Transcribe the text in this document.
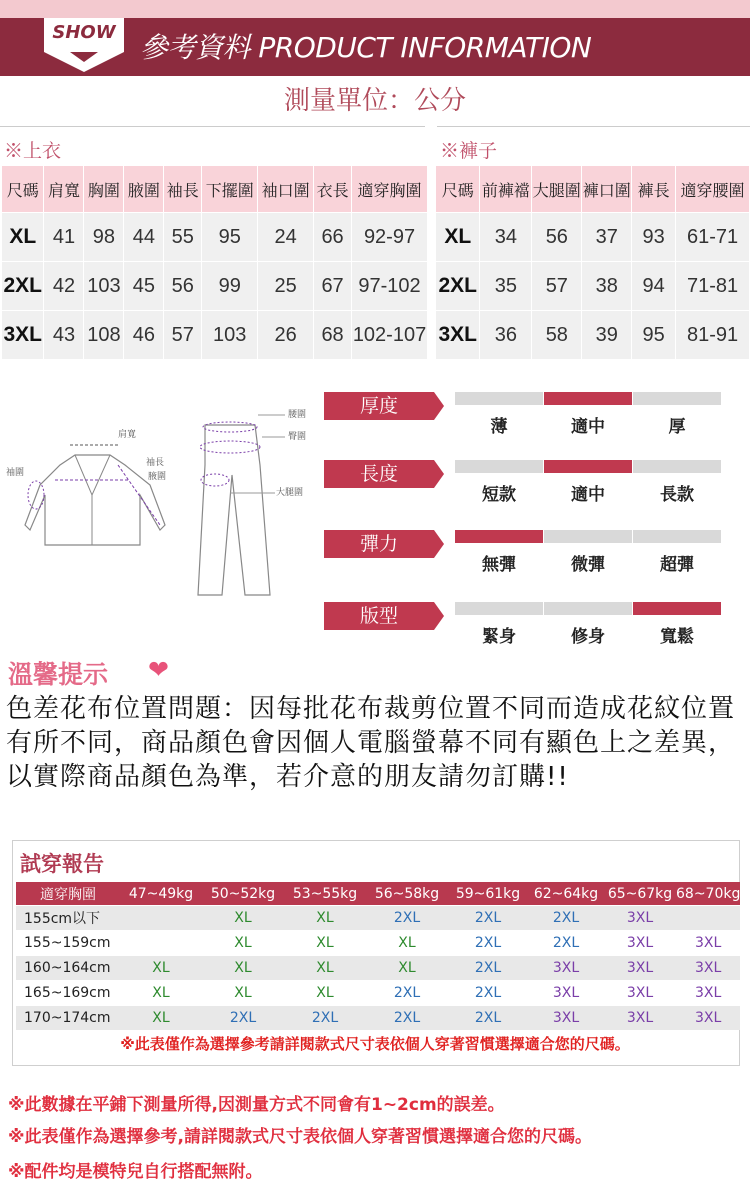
SHOW 參考資料 PRODUCT INFORMATION
測量單位：公分
※上衣	※褲子
尺碼	肩寬	胸圍	腋圍	袖長	下擺圍	袖口圍	衣長	適穿胸圍
XL	41	98	44	55	95	24	66	92-97
2XL	42	103	45	56	99	25	67	97-102
3XL	43	108	46	57	103	26	68	102-107
尺碼	前褲襠	大腿圍	褲口圍	褲長	適穿腰圍
XL	34	56	37	93	61-71
2XL	35	57	38	94	71-81
3XL	36	58	39	95	81-91
肩寬
袖圍
袖長
腋圍
腰圍
臀圍
大腿圍
厚度
薄	適中	厚
長度
短款	適中	長款
彈力
無彈	微彈	超彈
版型
緊身	修身	寬鬆
溫馨提示 ❤
色差花布位置問題：因每批花布裁剪位置不同而造成花紋位置有所不同，商品顏色會因個人電腦螢幕不同有顯色上之差異，以實際商品顏色為準，若介意的朋友請勿訂購!!
試穿報告
適穿胸圍	47~49kg	50~52kg	53~55kg	56~58kg	59~61kg	62~64kg	65~67kg	68~70kg
155cm以下		XL	XL	2XL	2XL	2XL	3XL	
155~159cm		XL	XL	XL	2XL	2XL	3XL	3XL
160~164cm	XL	XL	XL	XL	2XL	3XL	3XL	3XL
165~169cm	XL	XL	XL	2XL	2XL	3XL	3XL	3XL
170~174cm	XL	2XL	2XL	2XL	2XL	3XL	3XL	3XL
※此表僅作為選擇參考請詳閱款式尺寸表依個人穿著習慣選擇適合您的尺碼。
※此數據在平鋪下測量所得,因測量方式不同會有1~2cm的誤差。
※此表僅作為選擇參考,請詳閱款式尺寸表依個人穿著習慣選擇適合您的尺碼。
※配件均是模特兒自行搭配無附。
